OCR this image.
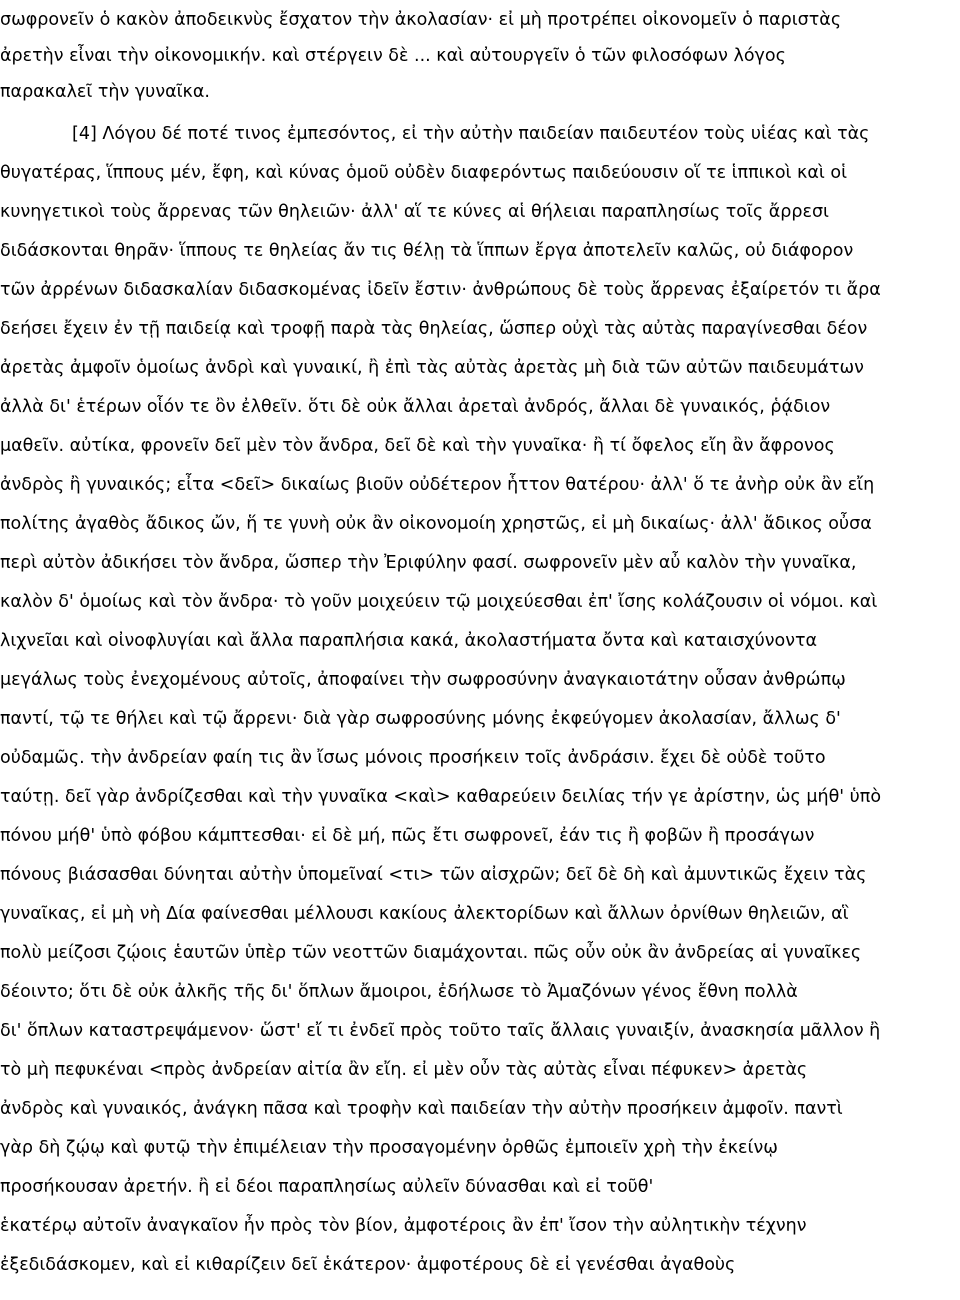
σωφρονεῖν ὁ κακὸν ἀποδεικνὺς ἔσχατον τὴν ἀκολασίαν· εἰ μὴ προτρέπει οἰκονομεῖν ὁ παριστὰς
ἀρετὴν εἶναι τὴν οἰκονομικήν. καὶ στέργειν δὲ ... καὶ αὐτουργεῖν ὁ τῶν φιλοσόφων λόγος
παρακαλεῖ τὴν γυναῖκα.
[4] Λόγου δέ ποτέ τινος ἐμπεσόντος, εἰ τὴν αὐτὴν παιδείαν παιδευτέον τοὺς υἱέας καὶ τὰς
θυγατέρας, ἵππους μέν, ἔφη, καὶ κύνας ὁμοῦ οὐδὲν διαφερόντως παιδεύουσιν οἵ τε ἱππικοὶ καὶ οἱ
κυνηγετικοὶ τοὺς ἄρρενας τῶν θηλειῶν· ἀλλ' αἵ τε κύνες αἱ θήλειαι παραπλησίως τοῖς ἄρρεσι
διδάσκονται θηρᾶν· ἵππους τε θηλείας ἄν τις θέλῃ τὰ ἵππων ἔργα ἀποτελεῖν καλῶς, οὐ διάφορον
τῶν ἀρρένων διδασκαλίαν διδασκομένας ἰδεῖν ἔστιν· ἀνθρώπους δὲ τοὺς ἄρρενας ἐξαίρετόν τι ἄρα
δεήσει ἔχειν ἐν τῇ παιδείᾳ καὶ τροφῇ παρὰ τὰς θηλείας, ὥσπερ οὐχὶ τὰς αὐτὰς παραγίνεσθαι δέον
ἀρετὰς ἀμφοῖν ὁμοίως ἀνδρὶ καὶ γυναικί, ἢ ἐπὶ τὰς αὐτὰς ἀρετὰς μὴ διὰ τῶν αὐτῶν παιδευμάτων
ἀλλὰ δι' ἑτέρων οἷόν τε ὂν ἐλθεῖν. ὅτι δὲ οὐκ ἄλλαι ἀρεταὶ ἀνδρός, ἄλλαι δὲ γυναικός, ῥᾴδιον
μαθεῖν. αὐτίκα, φρονεῖν δεῖ μὲν τὸν ἄνδρα, δεῖ δὲ καὶ τὴν γυναῖκα· ἢ τί ὄφελος εἴη ἂν ἄφρονος
ἀνδρὸς ἢ γυναικός; εἶτα <δεῖ> δικαίως βιοῦν οὐδέτερον ἧττον θατέρου· ἀλλ' ὅ τε ἀνὴρ οὐκ ἂν εἴη
πολίτης ἀγαθὸς ἄδικος ὤν, ἥ τε γυνὴ οὐκ ἂν οἰκονομοίη χρηστῶς, εἰ μὴ δικαίως· ἀλλ' ἄδικος οὖσα
περὶ αὐτὸν ἀδικήσει τὸν ἄνδρα, ὥσπερ τὴν Ἐριφύλην φασί. σωφρονεῖν μὲν αὖ καλὸν τὴν γυναῖκα,
καλὸν δ' ὁμοίως καὶ τὸν ἄνδρα· τὸ γοῦν μοιχεύειν τῷ μοιχεύεσθαι ἐπ' ἴσης κολάζουσιν οἱ νόμοι. καὶ
λιχνεῖαι καὶ οἰνοφλυγίαι καὶ ἄλλα παραπλήσια κακά, ἀκολαστήματα ὄντα καὶ καταισχύνοντα
μεγάλως τοὺς ἐνεχομένους αὐτοῖς, ἀποφαίνει τὴν σωφροσύνην ἀναγκαιοτάτην οὖσαν ἀνθρώπῳ
παντί, τῷ τε θήλει καὶ τῷ ἄρρενι· διὰ γὰρ σωφροσύνης μόνης ἐκφεύγομεν ἀκολασίαν, ἄλλως δ'
οὐδαμῶς. τὴν ἀνδρείαν φαίη τις ἂν ἴσως μόνοις προσήκειν τοῖς ἀνδράσιν. ἔχει δὲ οὐδὲ τοῦτο
ταύτῃ. δεῖ γὰρ ἀνδρίζεσθαι καὶ τὴν γυναῖκα <καὶ> καθαρεύειν δειλίας τήν γε ἀρίστην, ὡς μήθ' ὑπὸ
πόνου μήθ' ὑπὸ φόβου κάμπτεσθαι· εἰ δὲ μή, πῶς ἔτι σωφρονεῖ, ἐάν τις ἢ φοβῶν ἢ προσάγων
πόνους βιάσασθαι δύνηται αὐτὴν ὑπομεῖναί <τι> τῶν αἰσχρῶν; δεῖ δὲ δὴ καὶ ἀμυντικῶς ἔχειν τὰς
γυναῖκας, εἰ μὴ νὴ Δία φαίνεσθαι μέλλουσι κακίους ἀλεκτορίδων καὶ ἄλλων ὀρνίθων θηλειῶν, αἳ
πολὺ μείζοσι ζῴοις ἑαυτῶν ὑπὲρ τῶν νεοττῶν διαμάχονται. πῶς οὖν οὐκ ἂν ἀνδρείας αἱ γυναῖκες
δέοιντο; ὅτι δὲ οὐκ ἀλκῆς τῆς δι' ὅπλων ἄμοιροι, ἐδήλωσε τὸ Ἀμαζόνων γένος ἔθνη πολλὰ
δι' ὅπλων καταστρεψάμενον· ὥστ' εἴ τι ἐνδεῖ πρὸς τοῦτο ταῖς ἄλλαις γυναιξίν, ἀνασκησία μᾶλλον ἢ
τὸ μὴ πεφυκέναι <πρὸς ἀνδρείαν αἰτία ἂν εἴη. εἰ μὲν οὖν τὰς αὐτὰς εἶναι πέφυκεν> ἀρετὰς
ἀνδρὸς καὶ γυναικός, ἀνάγκη πᾶσα καὶ τροφὴν καὶ παιδείαν τὴν αὐτὴν προσήκειν ἀμφοῖν. παντὶ
γὰρ δὴ ζῴῳ καὶ φυτῷ τὴν ἐπιμέλειαν τὴν προσαγομένην ὀρθῶς ἐμποιεῖν χρὴ τὴν ἐκείνῳ
προσήκουσαν ἀρετήν. ἢ εἰ δέοι παραπλησίως αὐλεῖν δύνασθαι καὶ εἰ τοῦθ'
ἑκατέρῳ αὐτοῖν ἀναγκαῖον ἦν πρὸς τὸν βίον, ἀμφοτέροις ἂν ἐπ' ἴσον τὴν αὐλητικὴν τέχνην
ἐξεδιδάσκομεν, καὶ εἰ κιθαρίζειν δεῖ ἑκάτερον· ἀμφοτέρους δὲ εἰ γενέσθαι ἀγαθοὺς
